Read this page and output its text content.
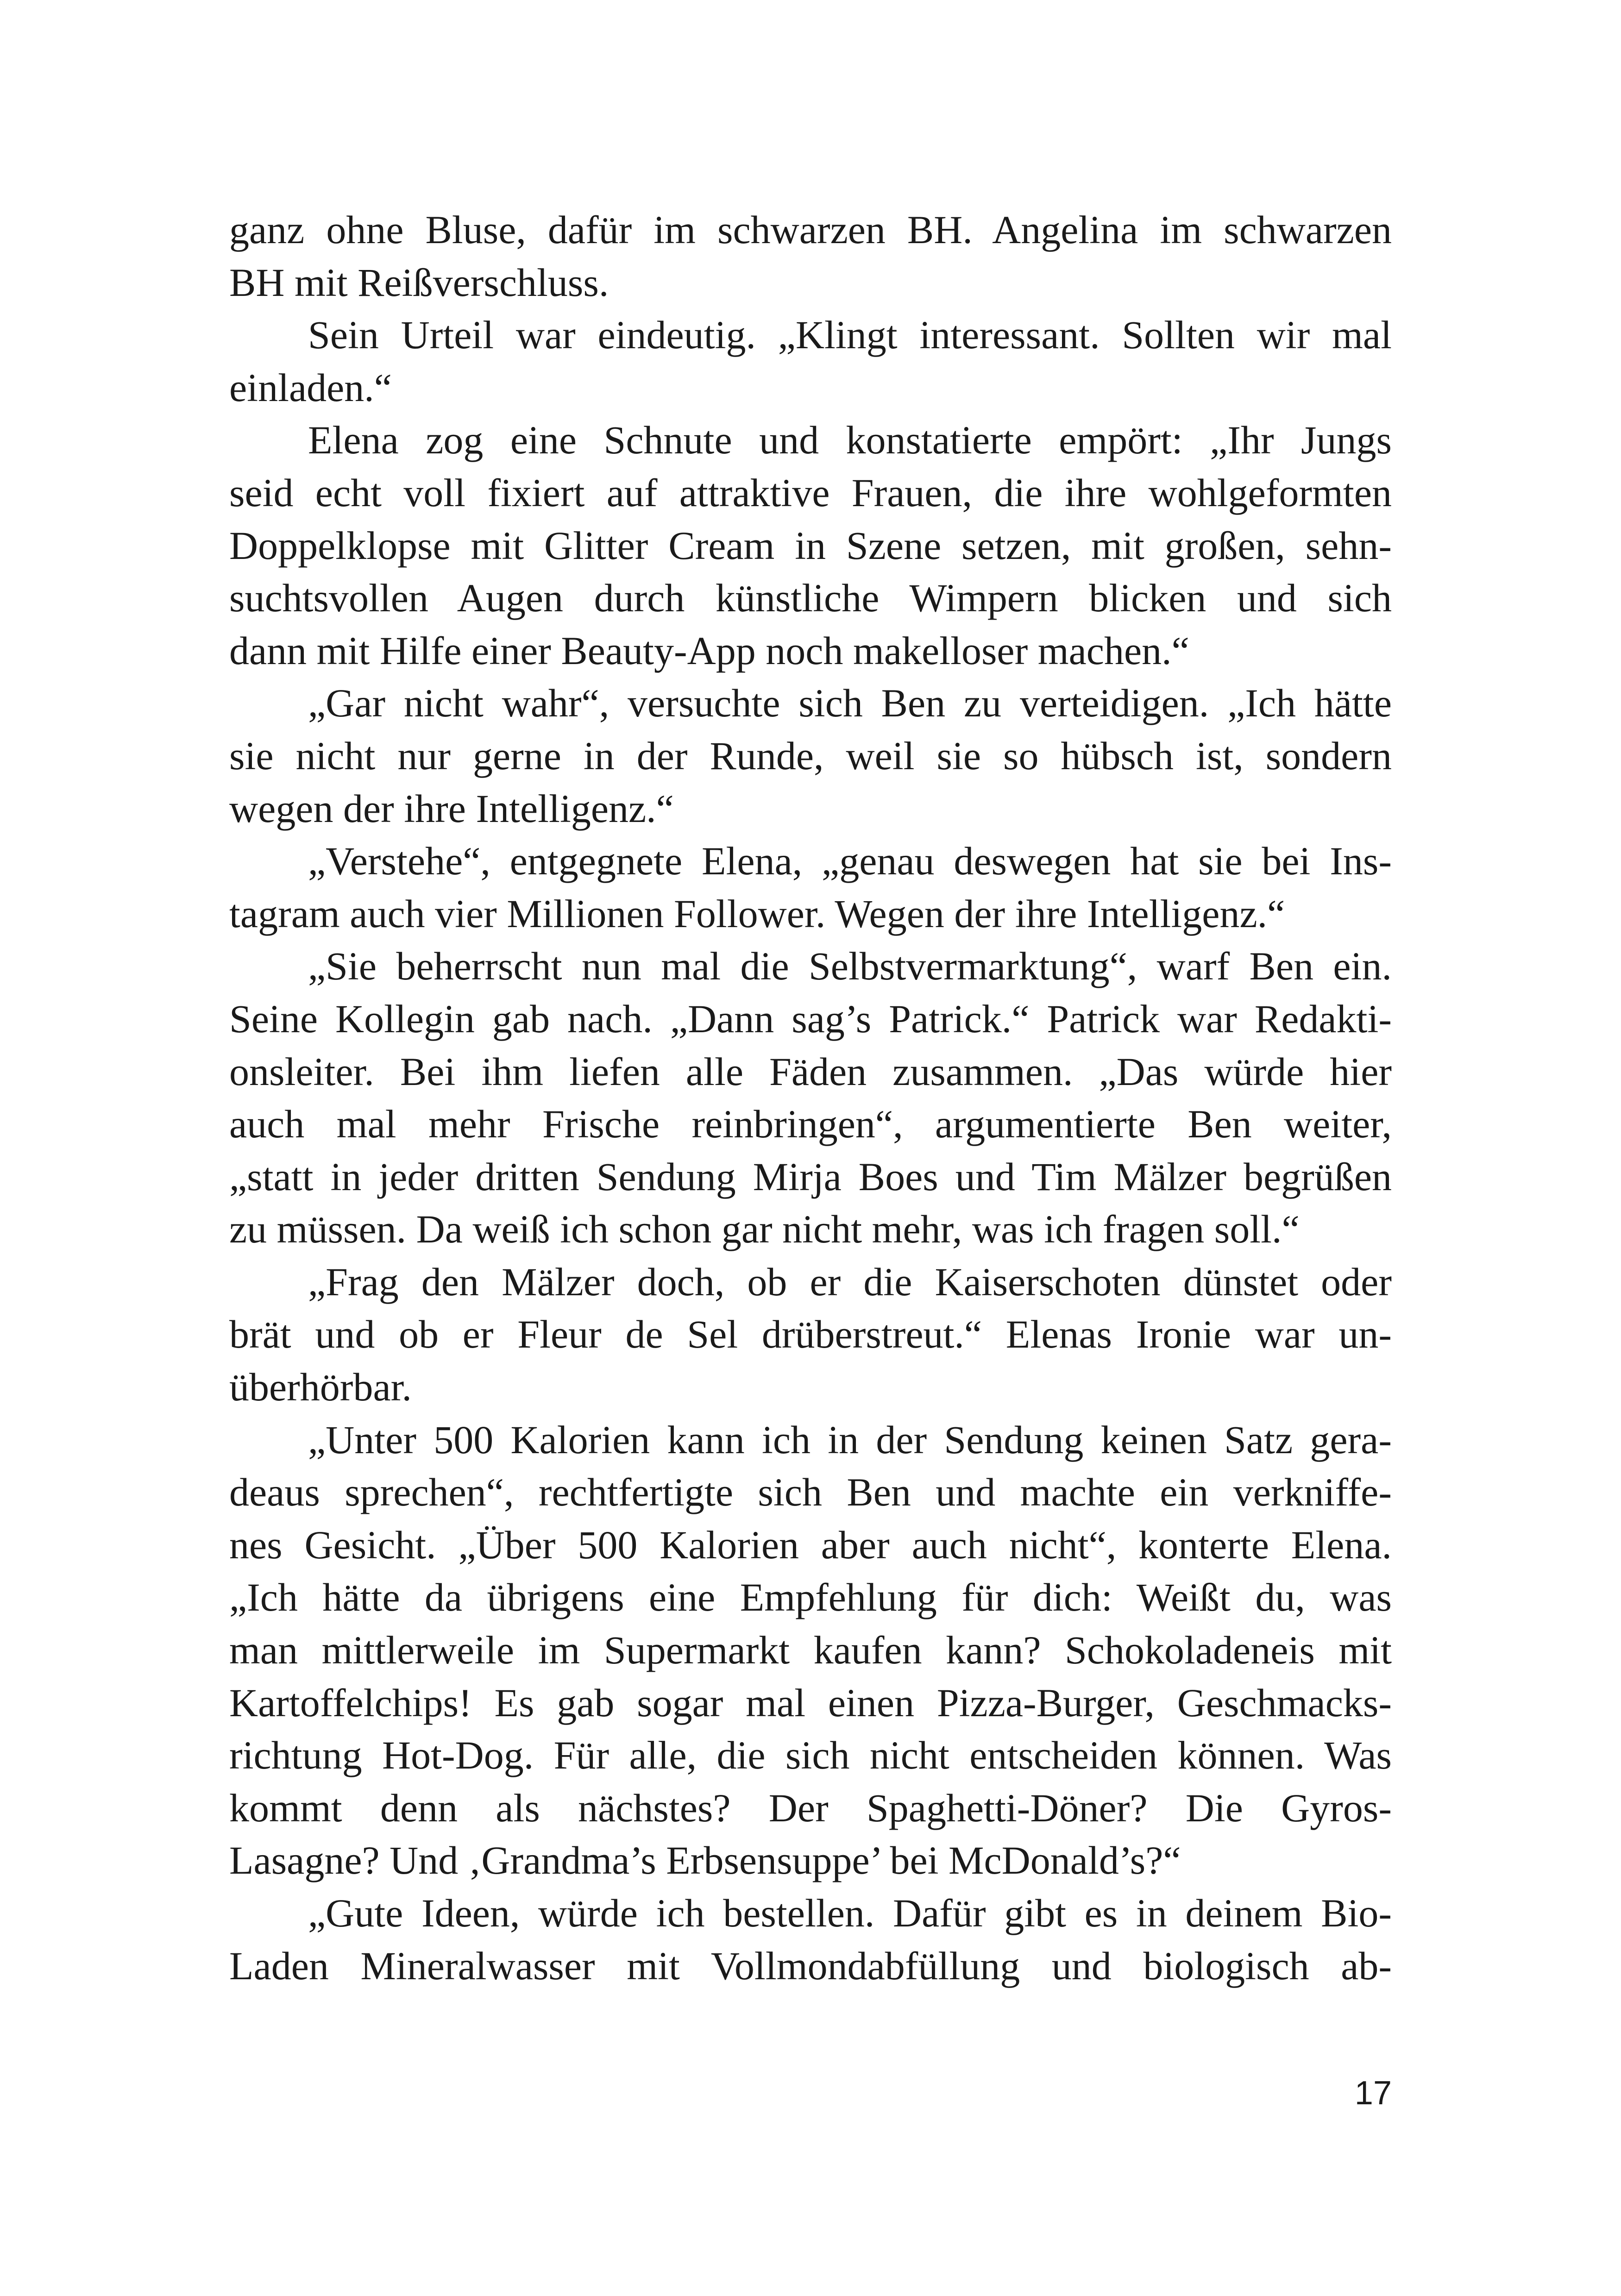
ganz ohne Bluse, dafür im schwarzen BH. Angelina im schwarzen
BH mit Reißverschluss.
Sein Urteil war eindeutig. „Klingt interessant. Sollten wir mal
einladen.“
Elena zog eine Schnute und konstatierte empört: „Ihr Jungs
seid echt voll fixiert auf attraktive Frauen, die ihre wohlgeformten
Doppelklopse mit Glitter Cream in Szene setzen, mit großen, sehn-
suchtsvollen Augen durch künstliche Wimpern blicken und sich
dann mit Hilfe einer Beauty-App noch makelloser machen.“
„Gar nicht wahr“, versuchte sich Ben zu verteidigen. „Ich hätte
sie nicht nur gerne in der Runde, weil sie so hübsch ist, sondern
wegen der ihre Intelligenz.“
„Verstehe“, entgegnete Elena, „genau deswegen hat sie bei Ins-
tagram auch vier Millionen Follower. Wegen der ihre Intelligenz.“
„Sie beherrscht nun mal die Selbstvermarktung“, warf Ben ein.
Seine Kollegin gab nach. „Dann sag’s Patrick.“ Patrick war Redakti-
onsleiter. Bei ihm liefen alle Fäden zusammen. „Das würde hier
auch mal mehr Frische reinbringen“, argumentierte Ben weiter,
„statt in jeder dritten Sendung Mirja Boes und Tim Mälzer begrüßen
zu müssen. Da weiß ich schon gar nicht mehr, was ich fragen soll.“
„Frag den Mälzer doch, ob er die Kaiserschoten dünstet oder
brät und ob er Fleur de Sel drüberstreut.“ Elenas Ironie war un-
überhörbar.
„Unter 500 Kalorien kann ich in der Sendung keinen Satz gera-
deaus sprechen“, rechtfertigte sich Ben und machte ein verkniffe-
nes Gesicht. „Über 500 Kalorien aber auch nicht“, konterte Elena.
„Ich hätte da übrigens eine Empfehlung für dich: Weißt du, was
man mittlerweile im Supermarkt kaufen kann? Schokoladeneis mit
Kartoffelchips! Es gab sogar mal einen Pizza-Burger, Geschmacks-
richtung Hot-Dog. Für alle, die sich nicht entscheiden können. Was
kommt denn als nächstes? Der Spaghetti-Döner? Die Gyros-
Lasagne? Und ‚Grandma’s Erbsensuppe’ bei McDonald’s?“
„Gute Ideen, würde ich bestellen. Dafür gibt es in deinem Bio-
Laden Mineralwasser mit Vollmondabfüllung und biologisch ab-
17
